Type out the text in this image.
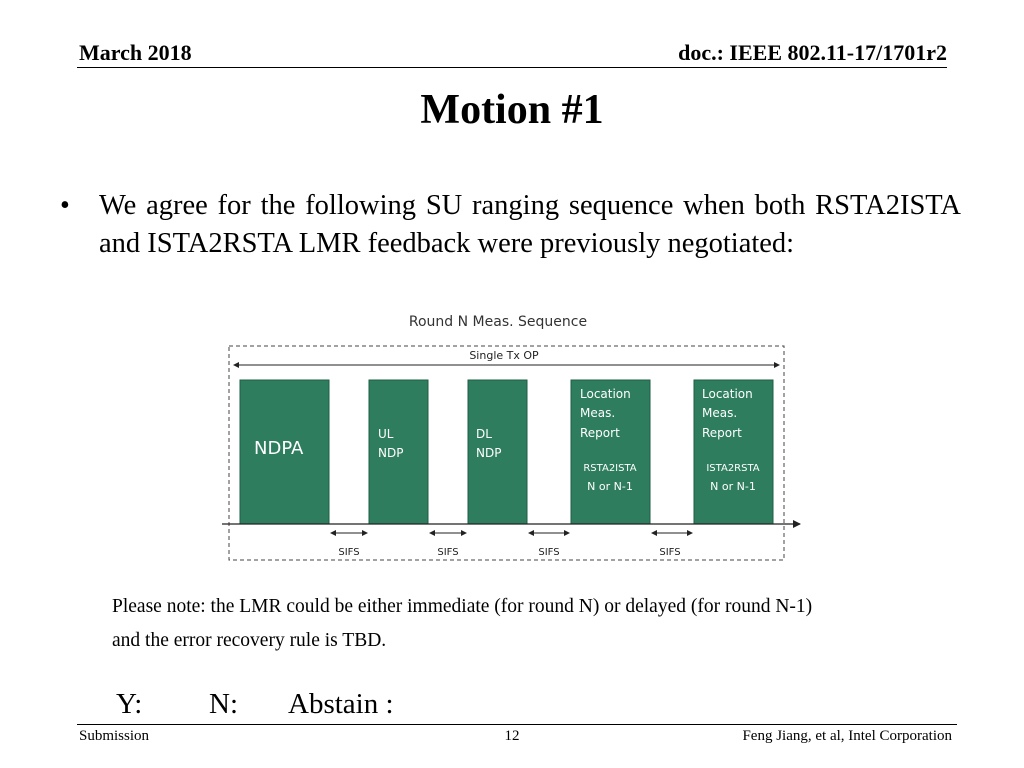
March 2018	doc.: IEEE 802.11-17/1701r2
Motion #1
• We agree for the following SU ranging sequence when both RSTA2ISTA and ISTA2RSTA LMR feedback were previously negotiated:
Round N Meas. Sequence
Single Tx OP
NDPA
UL
NDP
DL
NDP
Location
Meas.
Report
RSTA2ISTA
N or N-1
Location
Meas.
Report
ISTA2RSTA
N or N-1
SIFS	SIFS	SIFS	SIFS
Please note: the LMR could be either immediate (for round N) or delayed (for round N-1)
and the error recovery rule is TBD.
Y: N: Abstain :
Submission	12	Feng Jiang, et al, Intel Corporation
